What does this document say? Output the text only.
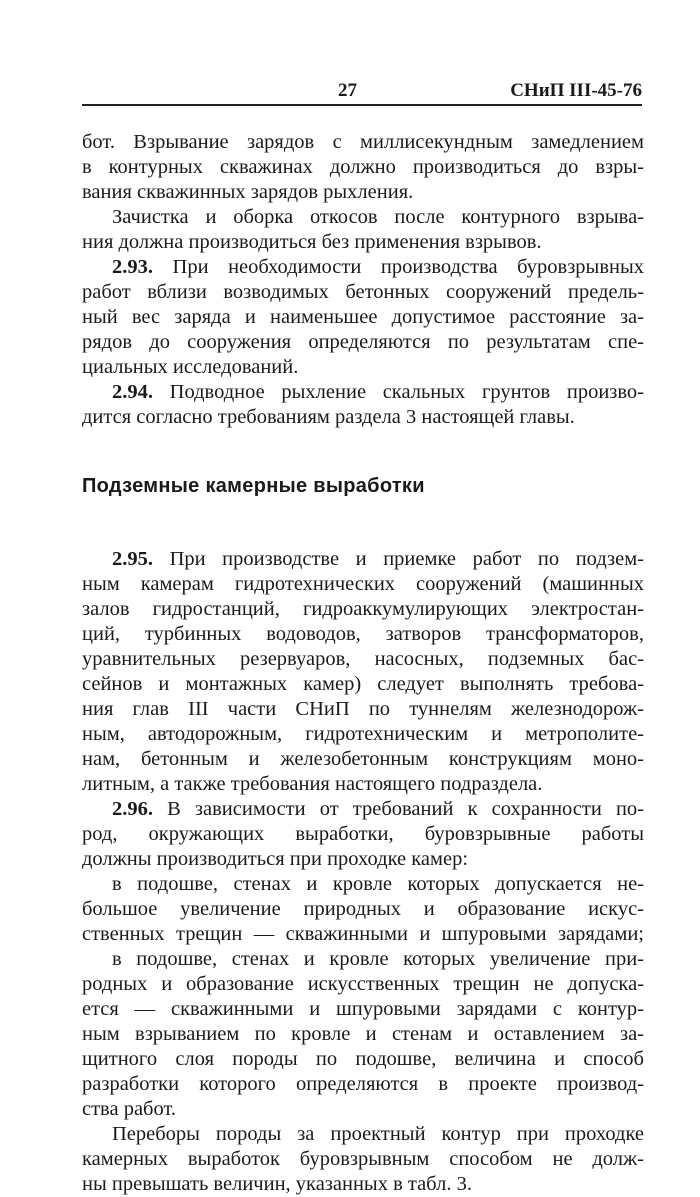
27	СНиП III-45-76
бот. Взрывание зарядов с миллисекундным замедлением
в контурных скважинах должно производиться до взры-
вания скважинных зарядов рыхления.
Зачистка и оборка откосов после контурного взрыва-
ния должна производиться без применения взрывов.
2.93. При необходимости производства буровзрывных
работ вблизи возводимых бетонных сооружений предель-
ный вес заряда и наименьшее допустимое расстояние за-
рядов до сооружения определяются по результатам спе-
циальных исследований.
2.94. Подводное рыхление скальных грунтов произво-
дится согласно требованиям раздела 3 настоящей главы.
Подземные камерные выработки
2.95. При производстве и приемке работ по подзем-
ным камерам гидротехнических сооружений (машинных
залов гидростанций, гидроаккумулирующих электростан-
ций, турбинных водоводов, затворов трансформаторов,
уравнительных резервуаров, насосных, подземных бас-
сейнов и монтажных камер) следует выполнять требова-
ния глав III части СНиП по туннелям железнодорож-
ным, автодорожным, гидротехническим и метрополите-
нам, бетонным и железобетонным конструкциям моно-
литным, а также требования настоящего подраздела.
2.96. В зависимости от требований к сохранности по-
род, окружающих выработки, буровзрывные работы
должны производиться при проходке камер:
в подошве, стенах и кровле которых допускается не-
большое увеличение природных и образование искус-
ственных трещин — скважинными и шпуровыми зарядами;
в подошве, стенах и кровле которых увеличение при-
родных и образование искусственных трещин не допуска-
ется — скважинными и шпуровыми зарядами с контур-
ным взрыванием по кровле и стенам и оставлением за-
щитного слоя породы по подошве, величина и способ
разработки которого определяются в проекте производ-
ства работ.
Переборы породы за проектный контур при проходке
камерных выработок буровзрывным способом не долж-
ны превышать величин, указанных в табл. 3.
